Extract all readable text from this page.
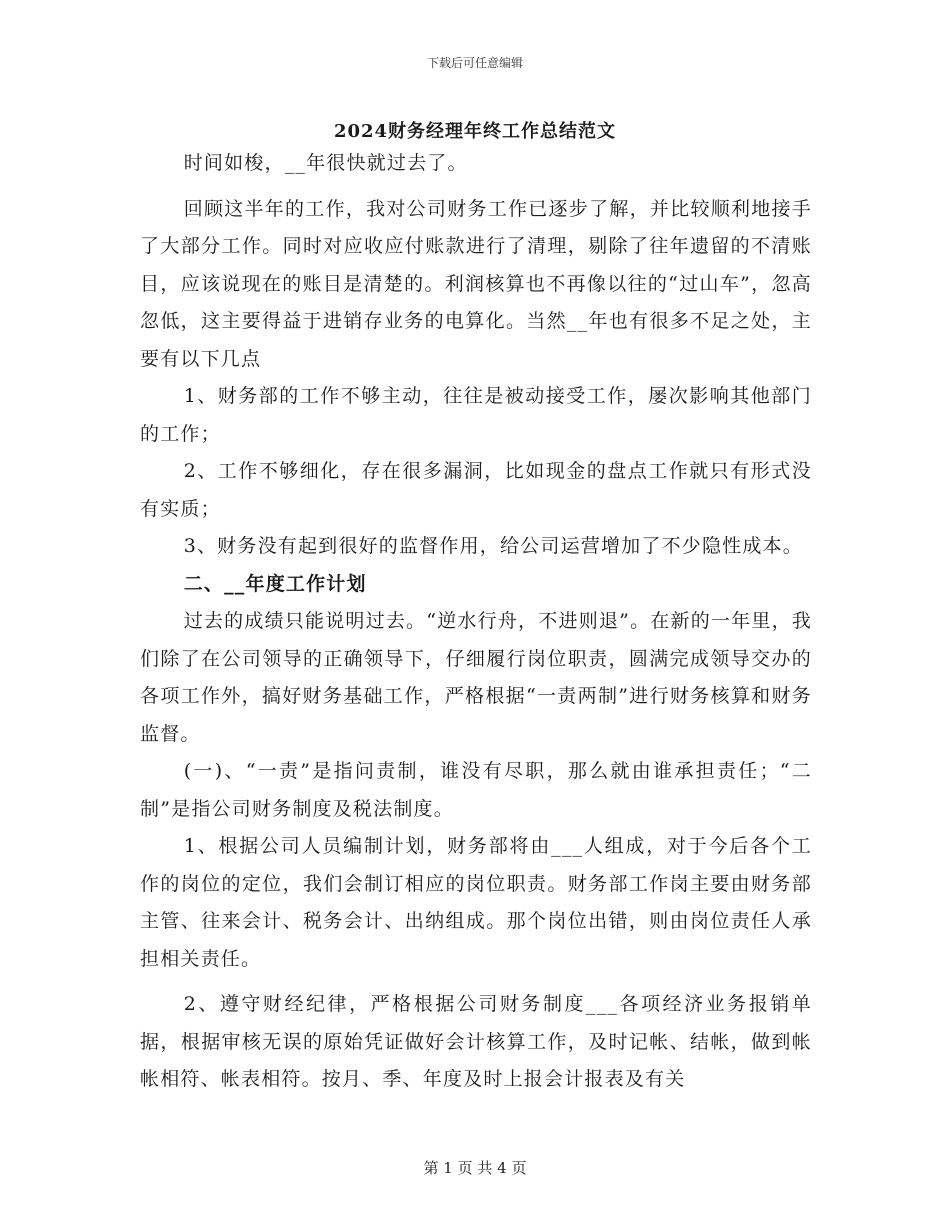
下载后可任意编辑
2024财务经理年终工作总结范文

时间如梭，__年很快就过去了。

回顾这半年的工作，我对公司财务工作已逐步了解，并比较顺利地接手了大部分工作。同时对应收应付账款进行了清理，剔除了往年遗留的不清账目，应该说现在的账目是清楚的。利润核算也不再像以往的“过山车”，忽高忽低，这主要得益于进销存业务的电算化。当然__年也有很多不足之处，主要有以下几点

1、财务部的工作不够主动，往往是被动接受工作，屡次影响其他部门的工作；

2、工作不够细化，存在很多漏洞，比如现金的盘点工作就只有形式没有实质；

3、财务没有起到很好的监督作用，给公司运营增加了不少隐性成本。

二、__年度工作计划

过去的成绩只能说明过去。“逆水行舟，不进则退”。在新的一年里，我们除了在公司领导的正确领导下，仔细履行岗位职责，圆满完成领导交办的各项工作外，搞好财务基础工作，严格根据“一责两制”进行财务核算和财务监督。

(一)、“一责”是指问责制，谁没有尽职，那么就由谁承担责任；“二制”是指公司财务制度及税法制度。

1、根据公司人员编制计划，财务部将由___人组成，对于今后各个工作的岗位的定位，我们会制订相应的岗位职责。财务部工作岗主要由财务部主管、往来会计、税务会计、出纳组成。那个岗位出错，则由岗位责任人承担相关责任。

2、遵守财经纪律，严格根据公司财务制度___各项经济业务报销单据，根据审核无误的原始凭证做好会计核算工作，及时记帐、结帐，做到帐帐相符、帐表相符。按月、季、年度及时上报会计报表及有关

第 1 页 共 4 页
